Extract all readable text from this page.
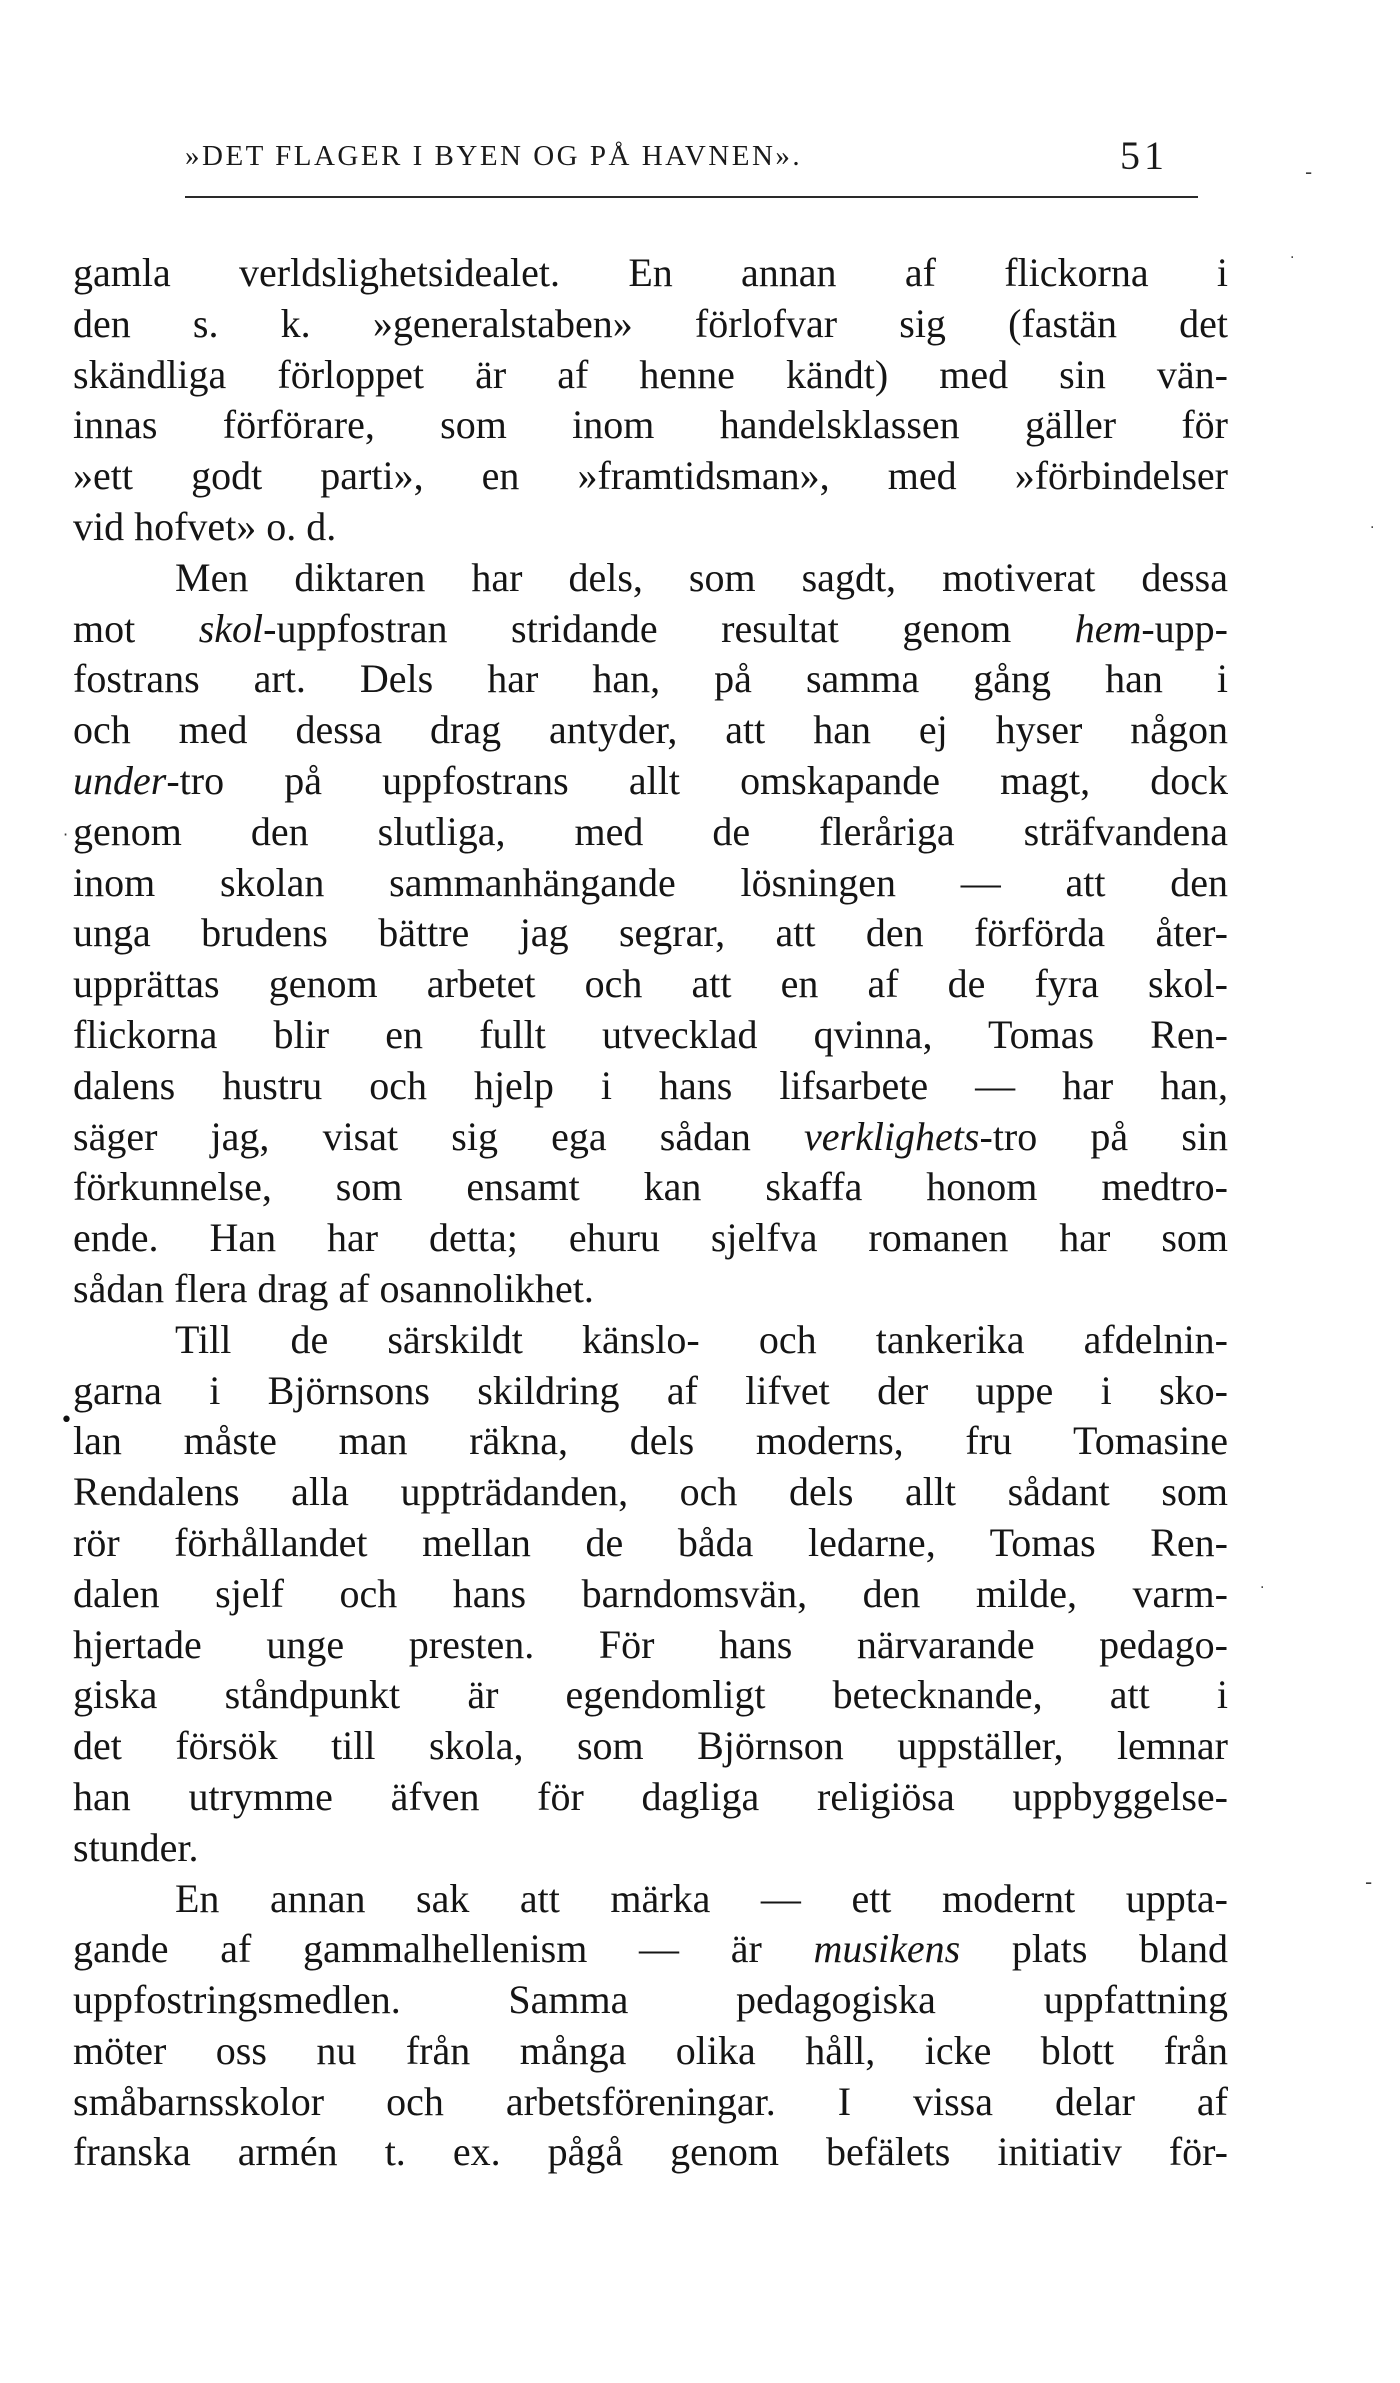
»DET FLAGER I BYEN OG PÅ HAVNEN».	51
gamla verldslighetsidealet. En annan af flickorna i
den s. k. »generalstaben» förlofvar sig (fastän det
skändliga förloppet är af henne kändt) med sin vän-
innas förförare, som inom handelsklassen gäller för
»ett godt parti», en »framtidsman», med »förbindelser
vid hofvet» o. d.
Men diktaren har dels, som sagdt, motiverat dessa
mot skol-uppfostran stridande resultat genom hem-upp-
fostrans art. Dels har han, på samma gång han i
och med dessa drag antyder, att han ej hyser någon
under-tro på uppfostrans allt omskapande magt, dock
genom den slutliga, med de fleråriga sträfvandena
inom skolan sammanhängande lösningen — att den
unga brudens bättre jag segrar, att den förförda åter-
upprättas genom arbetet och att en af de fyra skol-
flickorna blir en fullt utvecklad qvinna, Tomas Ren-
dalens hustru och hjelp i hans lifsarbete — har han,
säger jag, visat sig ega sådan verklighets-tro på sin
förkunnelse, som ensamt kan skaffa honom medtro-
ende. Han har detta; ehuru sjelfva romanen har som
sådan flera drag af osannolikhet.
Till de särskildt känslo- och tankerika afdelnin-
garna i Björnsons skildring af lifvet der uppe i sko-
lan måste man räkna, dels moderns, fru Tomasine
Rendalens alla uppträdanden, och dels allt sådant som
rör förhållandet mellan de båda ledarne, Tomas Ren-
dalen sjelf och hans barndomsvän, den milde, varm-
hjertade unge presten. För hans närvarande pedago-
giska ståndpunkt är egendomligt betecknande, att i
det försök till skola, som Björnson uppställer, lemnar
han utrymme äfven för dagliga religiösa uppbyggelse-
stunder.
En annan sak att märka — ett modernt uppta-
gande af gammalhellenism — är musikens plats bland
uppfostringsmedlen. Samma pedagogiska uppfattning
möter oss nu från många olika håll, icke blott från
småbarnsskolor och arbetsföreningar. I vissa delar af
franska armén t. ex. pågå genom befälets initiativ för-
-
·
·
·
•
·
-
